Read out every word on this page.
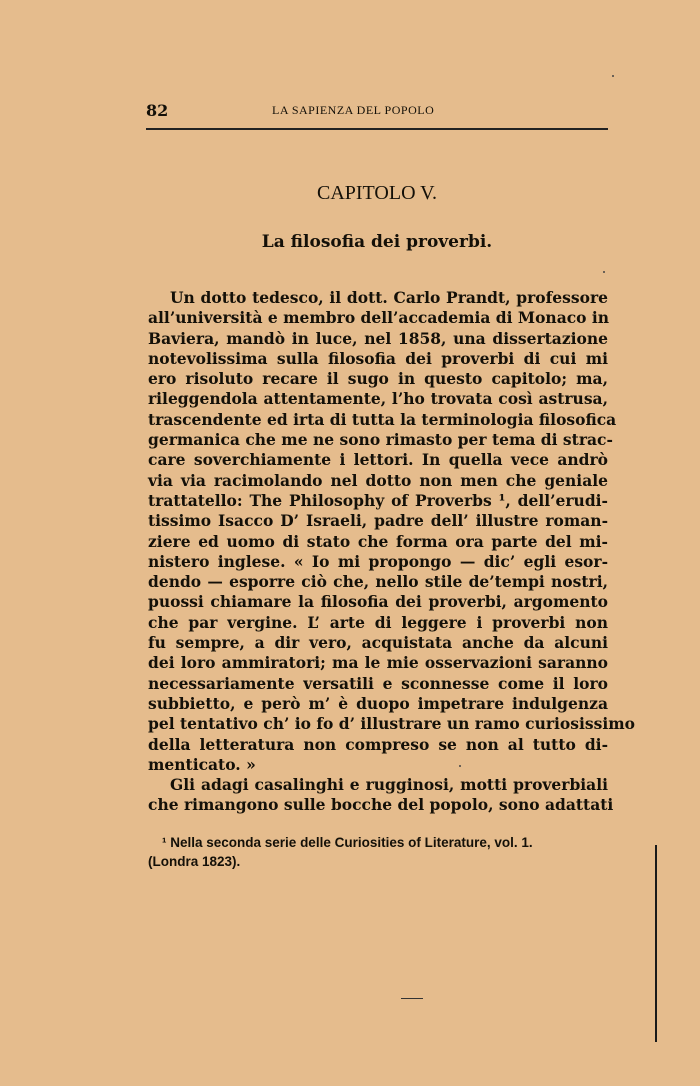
82	LA SAPIENZA DEL POPOLO
CAPITOLO V.
La filosofia dei proverbi.
Un dotto tedesco, il dott. Carlo Prandt, professore
all’università e membro dell’accademia di Monaco in
Baviera, mandò in luce, nel 1858, una dissertazione
notevolissima sulla filosofia dei proverbi di cui mi
ero risoluto recare il sugo in questo capitolo; ma,
rileggendola attentamente, l’ho trovata così astrusa,
trascendente ed irta di tutta la terminologia filosofica
germanica che me ne sono rimasto per tema di strac-
care soverchiamente i lettori. In quella vece andrò
via via racimolando nel dotto non men che geniale
trattatello: The Philosophy of Proverbs ¹, dell’erudi-
tissimo Isacco D’ Israeli, padre dell’ illustre roman-
ziere ed uomo di stato che forma ora parte del mi-
nistero inglese. « Io mi propongo — dic’ egli esor-
dendo — esporre ciò che, nello stile de’tempi nostri,
puossi chiamare la filosofia dei proverbi, argomento
che par vergine. L’ arte di leggere i proverbi non
fu sempre, a dir vero, acquistata anche da alcuni
dei loro ammiratori; ma le mie osservazioni saranno
necessariamente versatili e sconnesse come il loro
subbietto, e però m’ è duopo impetrare indulgenza
pel tentativo ch’ io fo d’ illustrare un ramo curiosissimo
della letteratura non compreso se non al tutto di-
menticato. »
Gli adagi casalinghi e rugginosi, motti proverbiali
che rimangono sulle bocche del popolo, sono adattati
¹ Nella seconda serie delle Curiosities of Literature, vol. 1.
(Londra 1823).
